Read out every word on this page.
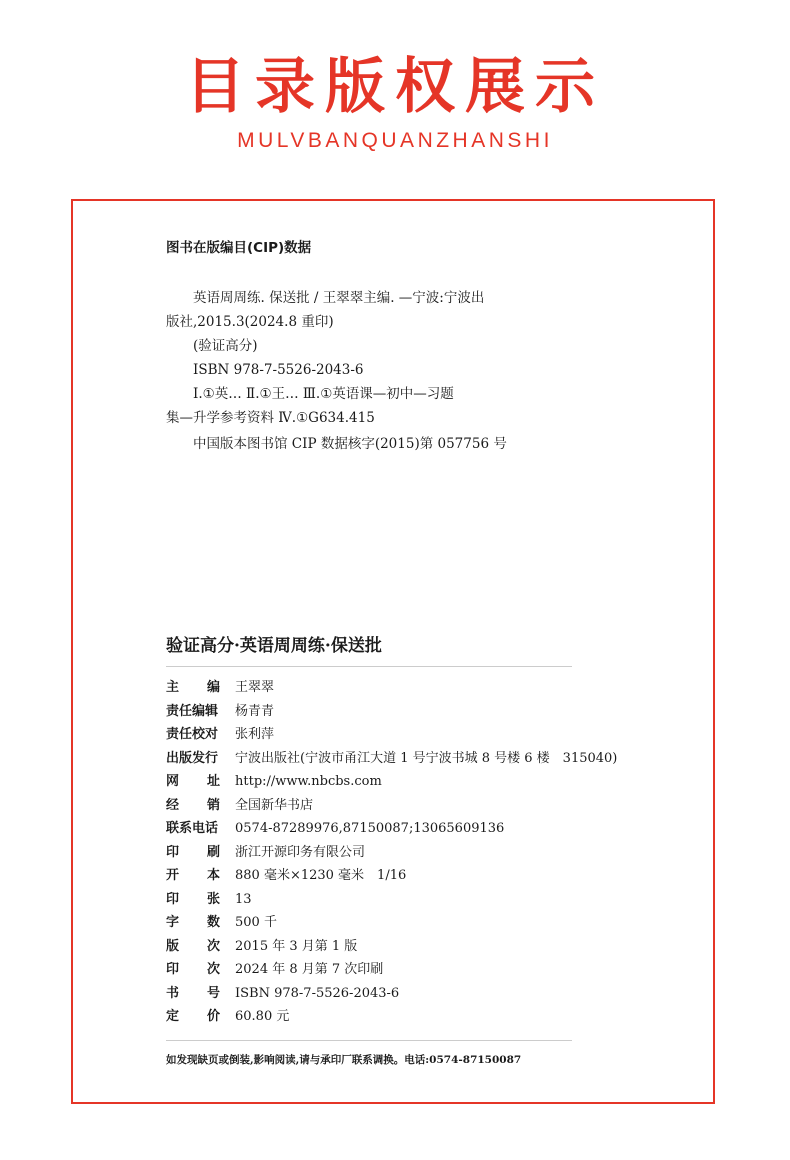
目录版权展示
MULVBANQUANZHANSHI
图书在版编目(CIP)数据
英语周周练. 保送批 / 王翠翠主编. —宁波:宁波出
版社,2015.3(2024.8 重印)
(验证高分)
ISBN 978-7-5526-2043-6
Ⅰ.①英… Ⅱ.①王… Ⅲ.①英语课—初中—习题
集—升学参考资料 Ⅳ.①G634.415
中国版本图书馆 CIP 数据核字(2015)第 057756 号
验证高分·英语周周练·保送批
主 编 王翠翠
责任编辑 杨青青
责任校对 张利萍
出版发行 宁波出版社(宁波市甬江大道 1 号宁波书城 8 号楼 6 楼　315040)
网 址 http://www.nbcbs.com
经 销 全国新华书店
联系电话 0574-87289976,87150087;13065609136
印 刷 浙江开源印务有限公司
开 本 880 毫米×1230 毫米　1/16
印 张 13
字 数 500 千
版 次 2015 年 3 月第 1 版
印 次 2024 年 8 月第 7 次印刷
书 号 ISBN 978-7-5526-2043-6
定 价 60.80 元
如发现缺页或倒装,影响阅读,请与承印厂联系调换。电话:0574-87150087
